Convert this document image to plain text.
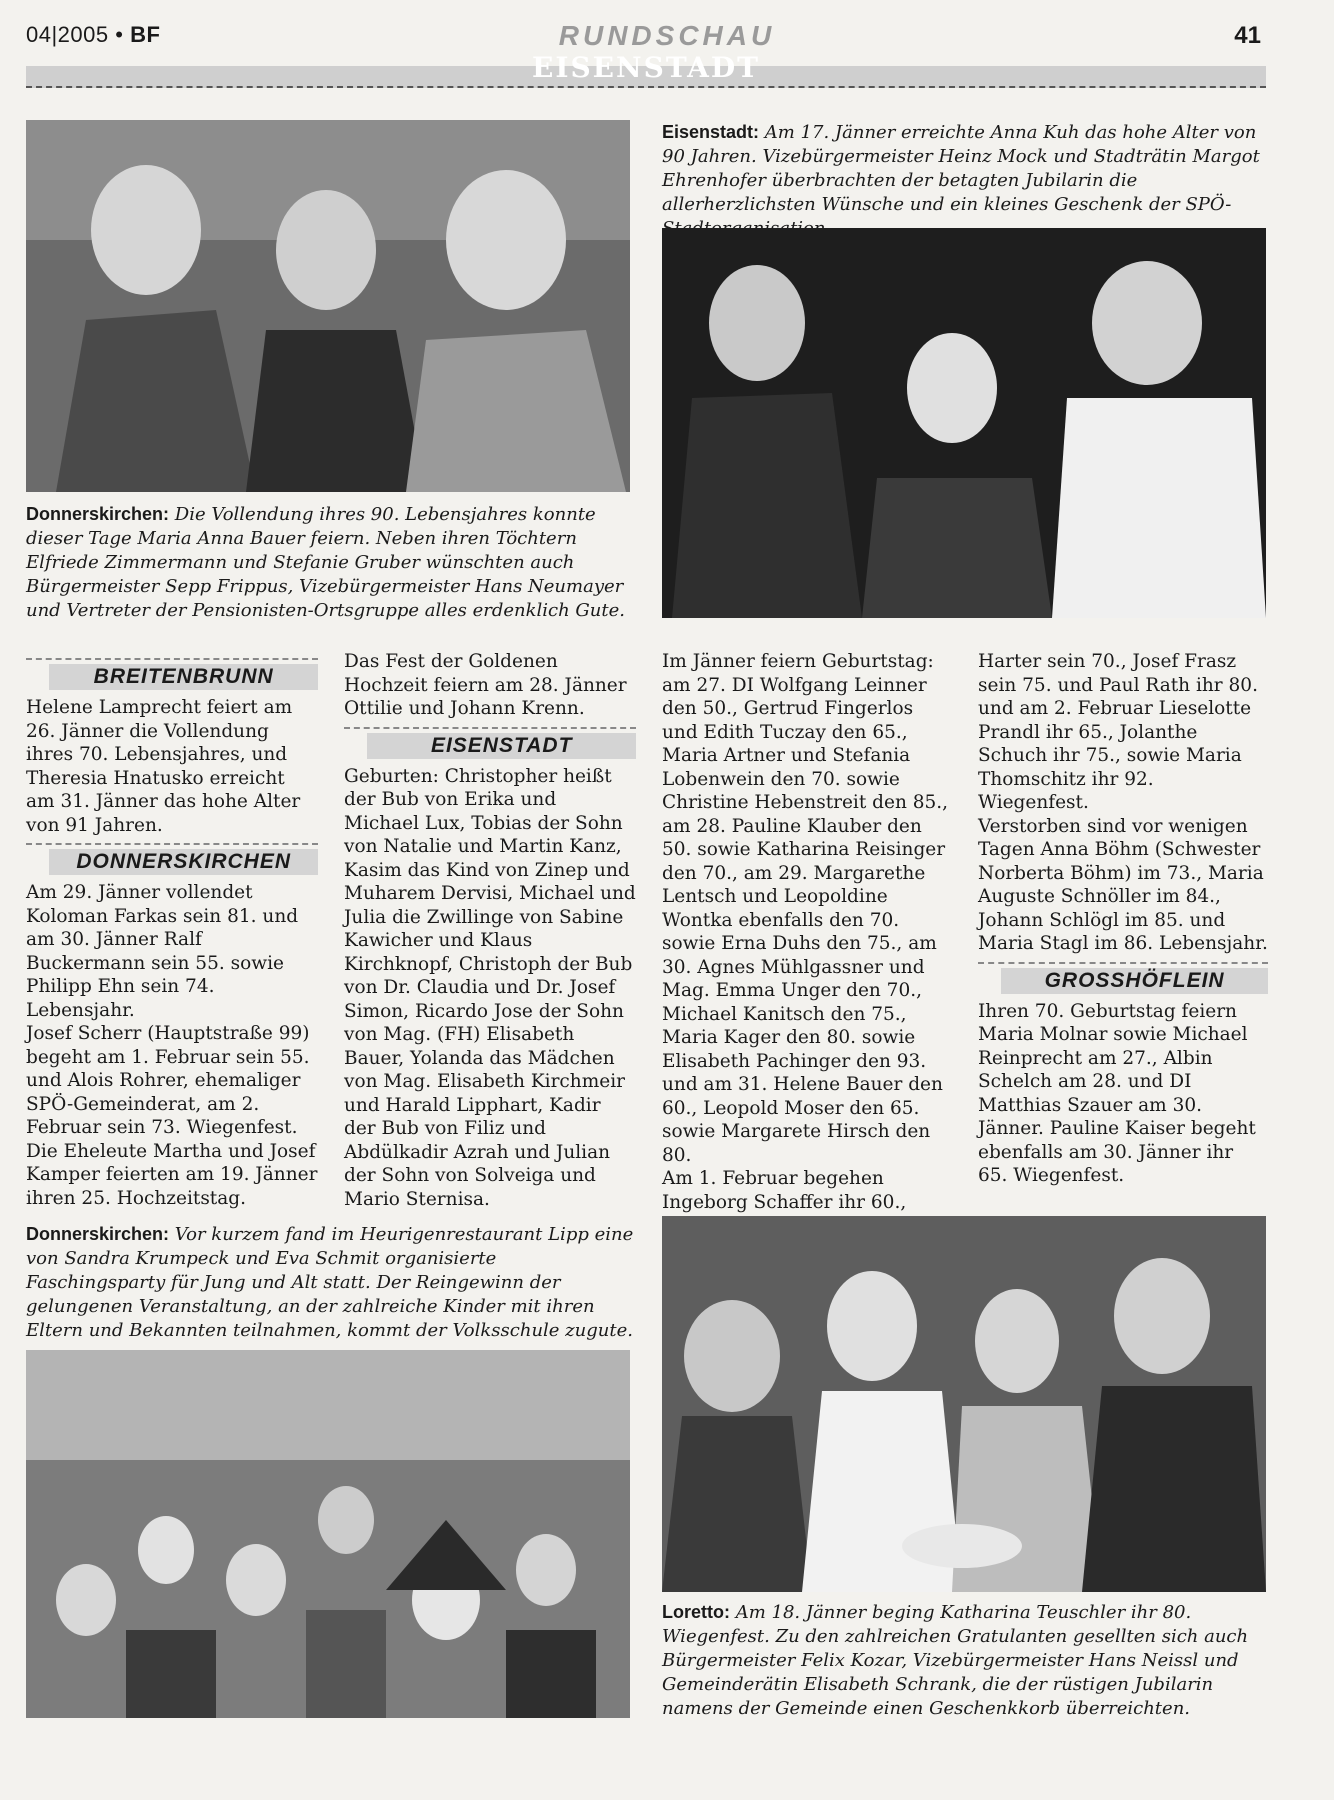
04|2005 • BF	RUNDSCHAU	41
EISENSTADT
Donnerskirchen: Die Vollendung ihres 90. Lebensjahres konnte dieser Tage Maria Anna Bauer feiern. Neben ihren Töchtern Elfriede Zimmermann und Stefanie Gruber wünschten auch Bürgermeister Sepp Frippus, Vizebürgermeister Hans Neumayer und Vertreter der Pensionisten-Ortsgruppe alles erdenklich Gute.
Eisenstadt: Am 17. Jänner erreichte Anna Kuh das hohe Alter von 90 Jahren. Vizebürgermeister Heinz Mock und Stadträtin Margot Ehrenhofer überbrachten der betagten Jubilarin die allerherzlichsten Wünsche und ein kleines Geschenk der SPÖ-
BREITENBRUNN

Helene Lamprecht feiert am 26. Jänner die Vollendung ihres 70. Lebensjahres, und Theresia Hnatusko erreicht am 31. Jänner das hohe Alter von 91 Jahren.

DONNERSKIRCHEN

Am 29. Jänner vollendet Koloman Farkas sein 81. und am 30. Jänner Ralf Buckermann sein 55. sowie Philipp Ehn sein 74. Lebensjahr.

Josef Scherr (Hauptstraße 99) begeht am 1. Februar sein 55. und Alois Rohrer, ehemaliger SPÖ-Gemeinderat, am 2. Februar sein 73. Wiegenfest.

Die Eheleute Martha und Josef Kamper feierten am 19. Jänner ihren 25. Hochzeitstag.

Das Fest der Goldenen Hochzeit feiern am 28. Jänner Ottilie und Johann Krenn.

EISENSTADT

Geburten: Christopher heißt der Bub von Erika und Michael Lux, Tobias der Sohn von Natalie und Martin Kanz, Kasim das Kind von Zinep und Muharem Dervisi, Michael und Julia die Zwillinge von Sabine Kawicher und Klaus Kirchknopf, Christoph der Bub von Dr. Claudia und Dr. Josef Simon, Ricardo Jose der Sohn von Mag. (FH) Elisabeth Bauer, Yolanda das Mädchen von Mag. Elisabeth Kirchmeir und Harald Lipphart, Kadir der Bub von Filiz und Abdülkadir Azrah und Julian der Sohn von Solveiga und Mario Sternisa.

Im Jänner feiern Geburtstag: am 27. DI Wolfgang Leinner den 50., Gertrud Fingerlos und Edith Tuczay den 65., Maria Artner und Stefania Lobenwein den 70. sowie Christine Hebenstreit den 85., am 28. Pauline Klauber den 50. sowie Katharina Reisinger den 70., am 29. Margarethe Lentsch und Leopoldine Wontka ebenfalls den 70. sowie Erna Duhs den 75., am 30. Agnes Mühlgassner und Mag. Emma Unger den 70., Michael Kanitsch den 75., Maria Kager den 80. sowie Elisabeth Pachinger den 93. und am 31. Helene Bauer den 60., Leopold Moser den 65. sowie Margarete Hirsch den 80.

Am 1. Februar begehen Ingeborg Schaffer ihr 60.,

Harter sein 70., Josef Frasz sein 75. und Paul Rath ihr 80. und am 2. Februar Lieselotte Prandl ihr 65., Jolanthe Schuch ihr 75., sowie Maria Thomschitz ihr 92. Wiegenfest.

Verstorben sind vor wenigen Tagen Anna Böhm (Schwester Norberta Böhm) im 73., Maria Auguste Schnöller im 84., Johann Schlögl im 85. und Maria Stagl im 86. Lebensjahr.

GROSSHÖFLEIN

Ihren 70. Geburtstag feiern Maria Molnar sowie Michael Reinprecht am 27., Albin Schelch am 28. und DI Matthias Szauer am 30. Jänner. Pauline Kaiser begeht ebenfalls am 30. Jänner ihr 65. Wiegenfest.

Donnerskirchen: Vor kurzem fand im Heurigenrestaurant Lipp eine von Sandra Krumpeck und Eva Schmit organisierte Faschingsparty für Jung und Alt statt. Der Reingewinn der gelungenen Veranstaltung, an der zahlreiche Kinder mit ihren Eltern und Bekannten teilnahmen, kommt der Volksschule zugute.
Loretto: Am 18. Jänner beging Katharina Teuschler ihr 80. Wiegenfest. Zu den zahlreichen Gratulanten gesellten sich auch Bürgermeister Felix Kozar, Vizebürgermeister Hans Neissl und Gemeinderätin Elisabeth Schrank, die der rüstigen Jubilarin namens der Gemeinde einen Geschenkkorb überreichten.
